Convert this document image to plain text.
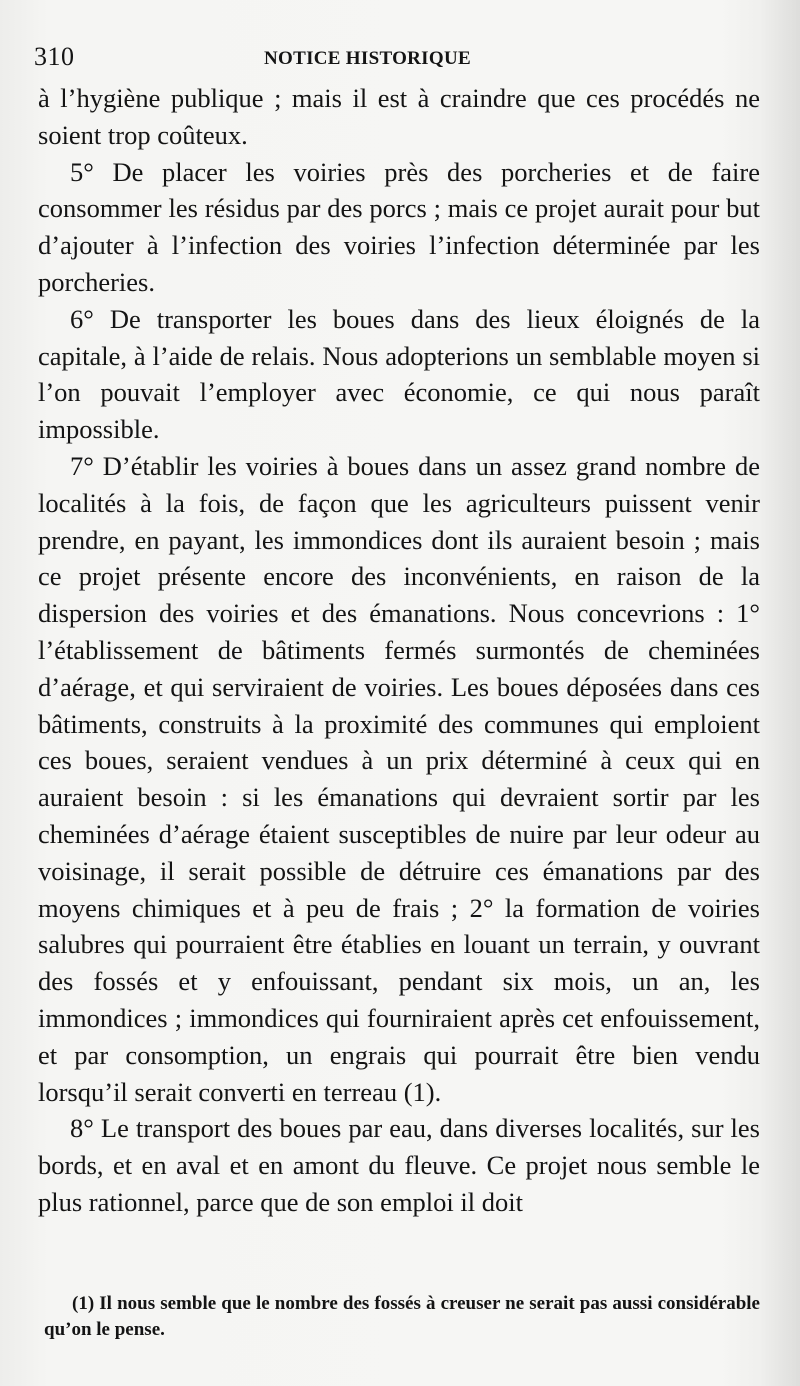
310	NOTICE HISTORIQUE

à l’hygiène publique ; mais il est à craindre que ces procédés ne soient trop coûteux.

5° De placer les voiries près des porcheries et de faire consommer les résidus par des porcs ; mais ce projet aurait pour but d’ajouter à l’infection des voiries l’infection déterminée par les porcheries.

6° De transporter les boues dans des lieux éloignés de la capitale, à l’aide de relais. Nous adopterions un semblable moyen si l’on pouvait l’employer avec économie, ce qui nous paraît impossible.

7° D’établir les voiries à boues dans un assez grand nombre de localités à la fois, de façon que les agriculteurs puissent venir prendre, en payant, les immondices dont ils auraient besoin ; mais ce projet présente encore des inconvénients, en raison de la dispersion des voiries et des émanations. Nous concevrions : 1° l’établissement de bâtiments fermés surmontés de cheminées d’aérage, et qui serviraient de voiries. Les boues déposées dans ces bâtiments, construits à la proximité des communes qui emploient ces boues, seraient vendues à un prix déterminé à ceux qui en auraient besoin : si les émanations qui devraient sortir par les cheminées d’aérage étaient susceptibles de nuire par leur odeur au voisinage, il serait possible de détruire ces émanations par des moyens chimiques et à peu de frais ; 2° la formation de voiries salubres qui pourraient être établies en louant un terrain, y ouvrant des fossés et y enfouissant, pendant six mois, un an, les immondices ; immondices qui fourniraient après cet enfouissement, et par consomption, un engrais qui pourrait être bien vendu lorsqu’il serait converti en terreau (1).

8° Le transport des boues par eau, dans diverses localités, sur les bords, et en aval et en amont du fleuve. Ce projet nous semble le plus rationnel, parce que de son emploi il doit

(1) Il nous semble que le nombre des fossés à creuser ne serait pas aussi considérable qu’on le pense.
